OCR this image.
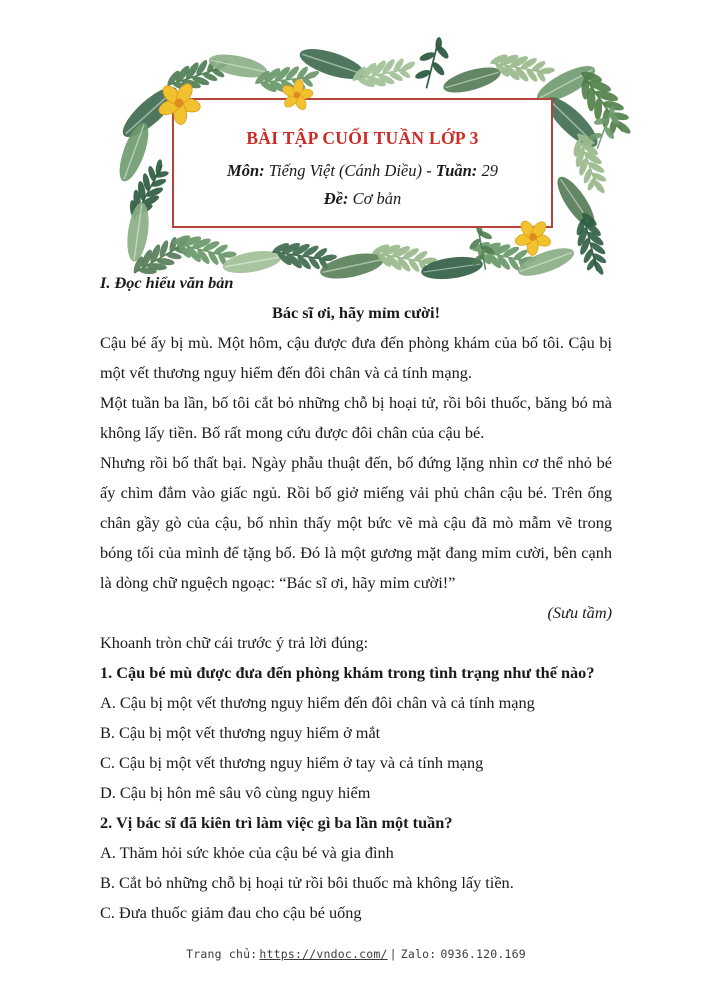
BÀI TẬP CUỐI TUẦN LỚP 3
Môn: Tiếng Việt (Cánh Diều) - Tuần: 29
Đề: Cơ bản
I. Đọc hiểu văn bản
Bác sĩ ơi, hãy mỉm cười!

Cậu bé ấy bị mù. Một hôm, cậu được đưa đến phòng khám của bố tôi. Cậu bị một vết thương nguy hiểm đến đôi chân và cả tính mạng.

Một tuần ba lần, bố tôi cắt bỏ những chỗ bị hoại tử, rồi bôi thuốc, băng bó mà không lấy tiền. Bố rất mong cứu được đôi chân của cậu bé.

Nhưng rồi bố thất bại. Ngày phẫu thuật đến, bố đứng lặng nhìn cơ thể nhỏ bé ấy chìm đắm vào giấc ngủ. Rồi bố giở miếng vải phủ chân cậu bé. Trên ống chân gầy gò của cậu, bố nhìn thấy một bức vẽ mà cậu đã mò mẫm vẽ trong bóng tối của mình để tặng bố. Đó là một gương mặt đang mỉm cười, bên cạnh là dòng chữ nguệch ngoạc: “Bác sĩ ơi, hãy mỉm cười!”

(Sưu tầm)
Khoanh tròn chữ cái trước ý trả lời đúng:
1. Cậu bé mù được đưa đến phòng khám trong tình trạng như thế nào?
A. Cậu bị một vết thương nguy hiểm đến đôi chân và cả tính mạng
B. Cậu bị một vết thương nguy hiểm ở mắt
C. Cậu bị một vết thương nguy hiểm ở tay và cả tính mạng
D. Cậu bị hôn mê sâu vô cùng nguy hiểm
2. Vị bác sĩ đã kiên trì làm việc gì ba lần một tuần?
A. Thăm hỏi sức khỏe của cậu bé và gia đình
B. Cắt bỏ những chỗ bị hoại tử rồi bôi thuốc mà không lấy tiền.
C. Đưa thuốc giảm đau cho cậu bé uống
Trang chủ: https://vndoc.com/ | Zalo: 0936.120.169
